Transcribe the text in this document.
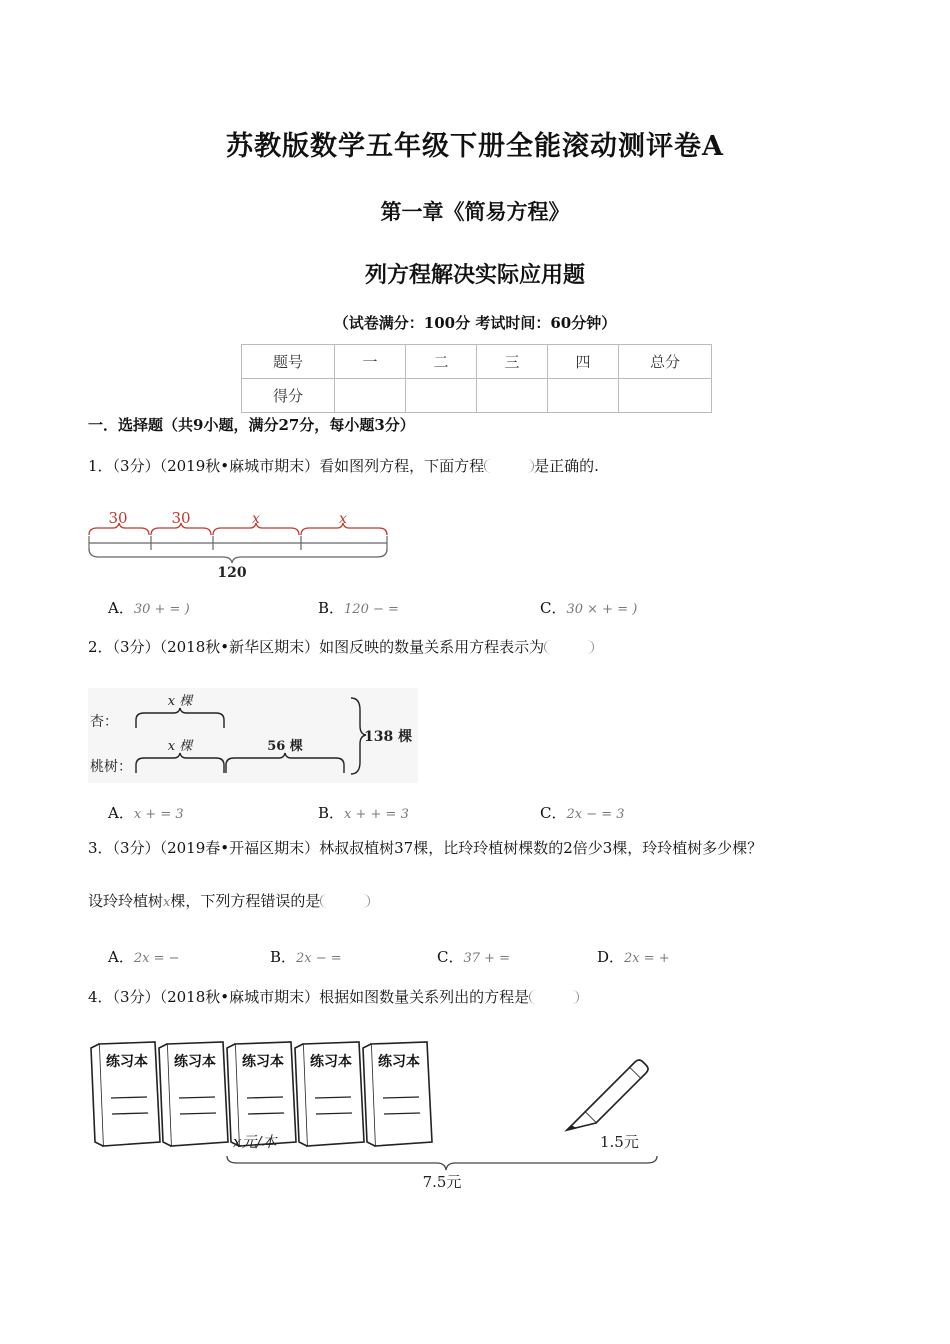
苏教版数学五年级下册全能滚动测评卷A
第一章《简易方程》
列方程解决实际应用题
（试卷满分：100分 考试时间：60分钟）
题号	一	二	三	四	总分
得分					
一．选择题（共9小题，满分27分，每小题3分）
1．（3分）（2019秋•麻城市期末）看如图列方程，下面方程	是正确的.
30	30	x	x
120
A．30 + = )	B．120 − =	C．30 × + = )
2．（3分）（2018秋•新华区期末）如图反映的数量关系用方程表示为
杏：
桃树：
x 棵
x 棵	56 棵
138 棵
A．x + = 3	B．x + + = 3	C．2x − = 3
3．（3分）（2019春•开福区期末）林叔叔植树37棵，比玲玲植树棵数的2倍少3棵，玲玲植树多少棵？
设玲玲植树x棵，下列方程错误的是
A．2x = −	B．2x − =	C．37 + =	D．2x = +
4．（3分）（2018秋•麻城市期末）根据如图数量关系列出的方程是
练习本 练习本 练习本 练习本 练习本
x元/本	1.5元
7.5元
